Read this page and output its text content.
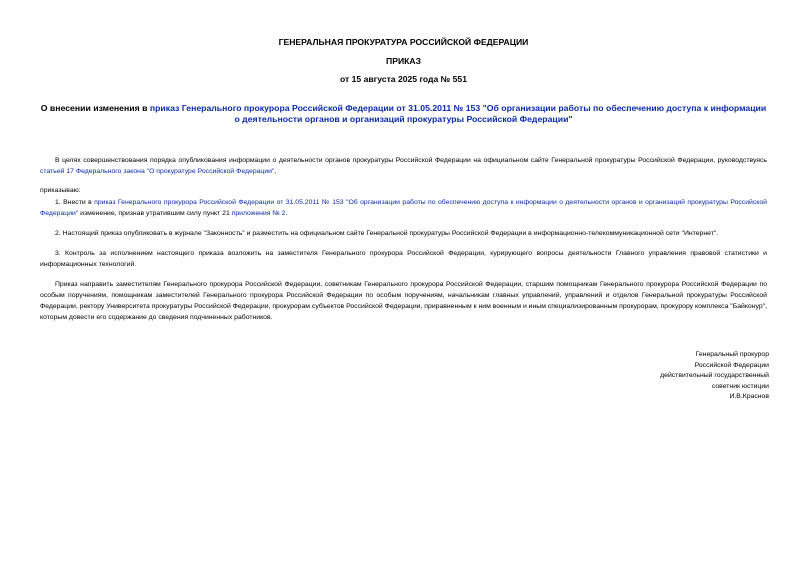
ГЕНЕРАЛЬНАЯ ПРОКУРАТУРА РОССИЙСКОЙ ФЕДЕРАЦИИ
ПРИКАЗ
от 15 августа 2025 года № 551
О внесении изменения в приказ Генерального прокурора Российской Федерации от 31.05.2011 № 153 "Об организации работы по обеспечению доступа к информации о деятельности органов и организаций прокуратуры Российской Федерации"
В целях совершенствования порядка опубликования информации о деятельности органов прокуратуры Российской Федерации на официальном сайте Генеральной прокуратуры Российской Федерации, руководствуясь статьей 17 Федерального закона "О прокуратуре Российской Федерации",
приказываю:
1. Внести в приказ Генерального прокурора Российской Федерации от 31.05.2011 № 153 "Об организации работы по обеспечению доступа к информации о деятельности органов и организаций прокуратуры Российской Федерации" изменение, признав утратившим силу пункт 21 приложения № 2.
2. Настоящий приказ опубликовать в журнале "Законность" и разместить на официальном сайте Генеральной прокуратуры Российской Федерации в информационно-телекоммуникационной сети "Интернет".
3. Контроль за исполнением настоящего приказа возложить на заместителя Генерального прокурора Российской Федерации, курирующего вопросы деятельности Главного управления правовой статистики и информационных технологий.
Приказ направить заместителям Генерального прокурора Российской Федерации, советникам Генерального прокурора Российской Федерации, старшим помощникам Генерального прокурора Российской Федерации по особым поручениям, помощникам заместителей Генерального прокурора Российской Федерации по особым поручениям, начальникам главных управлений, управлений и отделов Генеральной прокуратуры Российской Федерации, ректору Университета прокуратуры Российской Федерации, прокурорам субъектов Российской Федерации, приравненным к ним военным и иным специализированным прокурорам, прокурору комплекса "Байконур", которым довести его содержание до сведения подчиненных работников.
Генеральный прокурор
Российской Федерации
действительный государственный
советник юстиции
И.В.Краснов
